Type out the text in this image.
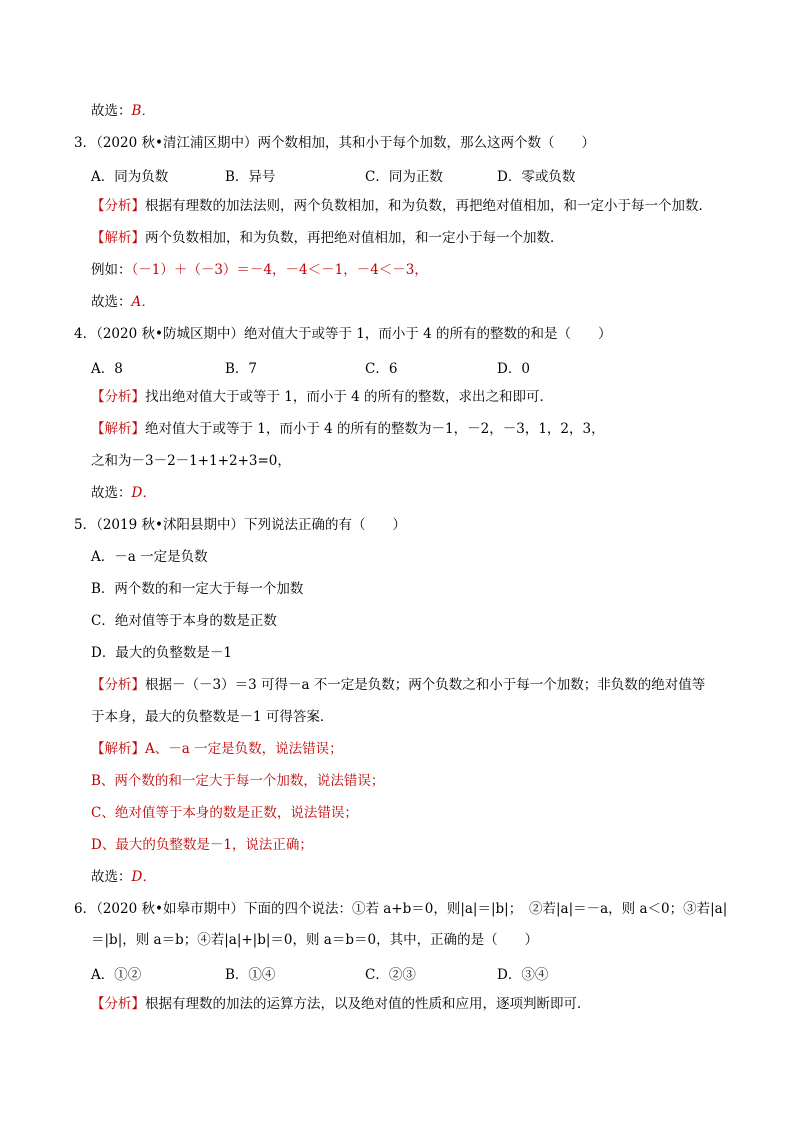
故选：B．
3．（2020 秋•清江浦区期中）两个数相加，其和小于每个加数，那么这两个数（　　）
A．同为负数	B．异号	C．同为正数	D．零或负数
【分析】根据有理数的加法法则，两个负数相加，和为负数，再把绝对值相加，和一定小于每一个加数．
【解析】两个负数相加，和为负数，再把绝对值相加，和一定小于每一个加数．
例如：（－1）＋（－3）＝－4，－4＜－1，－4＜－3，
故选：A．
4．（2020 秋•防城区期中）绝对值大于或等于 1，而小于 4 的所有的整数的和是（　　）
A．8	B．7	C．6	D．0
【分析】找出绝对值大于或等于 1，而小于 4 的所有的整数，求出之和即可．
【解析】绝对值大于或等于 1，而小于 4 的所有的整数为－1，－2，－3，1，2，3，
之和为－3－2－1+1+2+3=0，
故选：D．
5．（2019 秋•沭阳县期中）下列说法正确的有（　　）
A．－a 一定是负数
B．两个数的和一定大于每一个加数
C．绝对值等于本身的数是正数
D．最大的负整数是－1
【分析】根据－（－3）＝3 可得－a 不一定是负数；两个负数之和小于每一个加数；非负数的绝对值等
于本身，最大的负整数是－1 可得答案．
【解析】A、－a 一定是负数，说法错误；
B、两个数的和一定大于每一个加数，说法错误；
C、绝对值等于本身的数是正数，说法错误；
D、最大的负整数是－1，说法正确；
故选：D．
6．（2020 秋•如皋市期中）下面的四个说法：①若 a+b＝0，则|a|＝|b|；　②若|a|＝－a，则 a＜0；③若|a|
＝|b|，则 a＝b；④若|a|+|b|＝0，则 a＝b＝0，其中，正确的是（　　）
A．①②	B．①④	C．②③	D．③④
【分析】根据有理数的加法的运算方法，以及绝对值的性质和应用，逐项判断即可．
